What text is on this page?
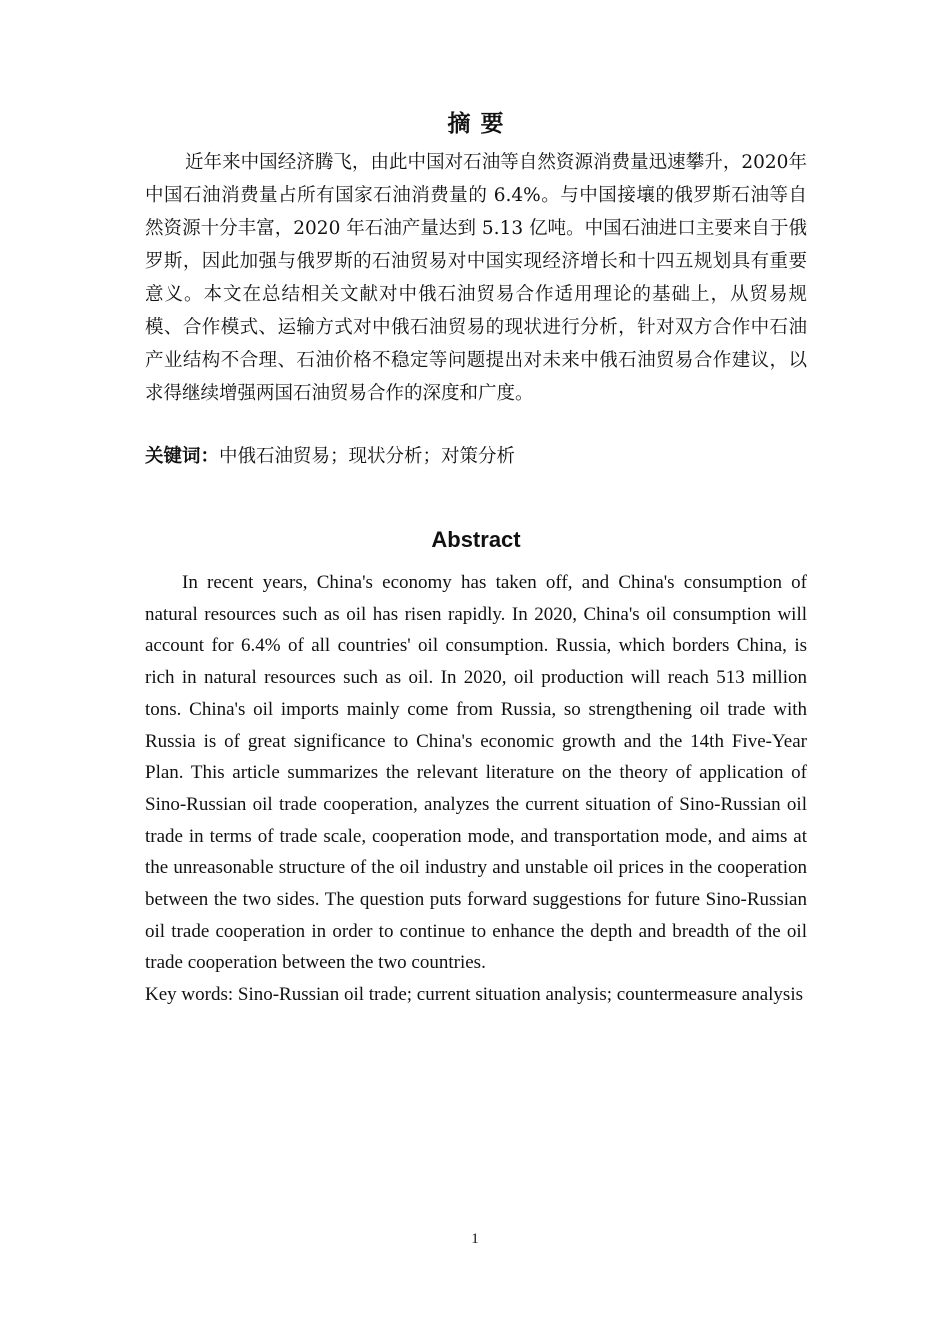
摘 要

近年来中国经济腾飞，由此中国对石油等自然资源消费量迅速攀升，2020年中国石油消费量占所有国家石油消费量的 6.4%。与中国接壤的俄罗斯石油等自然资源十分丰富，2020 年石油产量达到 5.13 亿吨。中国石油进口主要来自于俄罗斯，因此加强与俄罗斯的石油贸易对中国实现经济增长和十四五规划具有重要意义。本文在总结相关文献对中俄石油贸易合作适用理论的基础上，从贸易规模、合作模式、运输方式对中俄石油贸易的现状进行分析，针对双方合作中石油产业结构不合理、石油价格不稳定等问题提出对未来中俄石油贸易合作建议，以求得继续增强两国石油贸易合作的深度和广度。

关键词：中俄石油贸易；现状分析；对策分析

Abstract

In recent years, China's economy has taken off, and China's consumption of natural resources such as oil has risen rapidly. In 2020, China's oil consumption will account for 6.4% of all countries' oil consumption. Russia, which borders China, is rich in natural resources such as oil. In 2020, oil production will reach 513 million tons. China's oil imports mainly come from Russia, so strengthening oil trade with Russia is of great significance to China's economic growth and the 14th Five-Year Plan. This article summarizes the relevant literature on the theory of application of Sino-Russian oil trade cooperation, analyzes the current situation of Sino-Russian oil trade in terms of trade scale, cooperation mode, and transportation mode, and aims at the unreasonable structure of the oil industry and unstable oil prices in the cooperation between the two sides. The question puts forward suggestions for future Sino-Russian oil trade cooperation in order to continue to enhance the depth and breadth of the oil trade cooperation between the two countries.

Key words: Sino-Russian oil trade; current situation analysis; countermeasure analysis

1
